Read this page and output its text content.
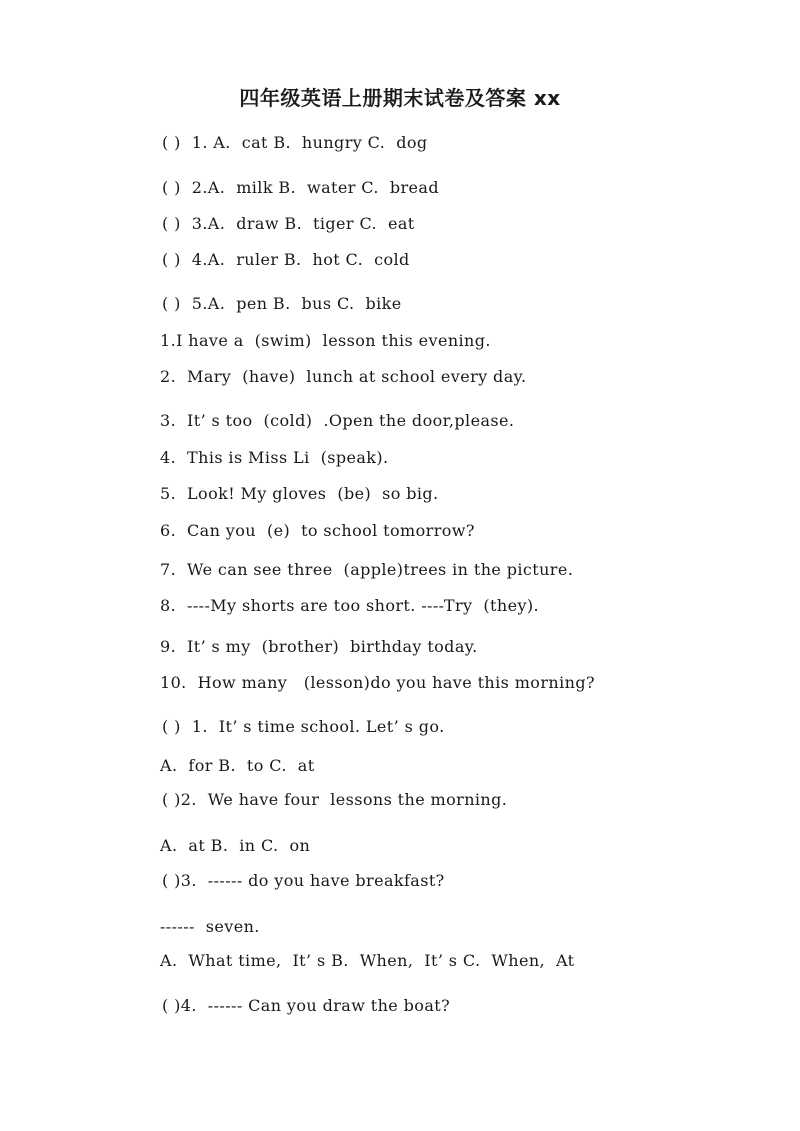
四年级英语上册期末试卷及答案 xx
( )  1. A.  cat B.  hungry C.  dog
( )  2.A.  milk B.  water C.  bread
( )  3.A.  draw B.  tiger C.  eat
( )  4.A.  ruler B.  hot C.  cold
( )  5.A.  pen B.  bus C.  bike
1.I have a  (swim)  lesson this evening.
2.  Mary  (have)  lunch at school every day.
3.  It’ s too  (cold)  .Open the door,please.
4.  This is Miss Li  (speak).
5.  Look! My gloves  (be)  so big.
6.  Can you  (e)  to school tomorrow?
7.  We can see three  (apple)trees in the picture.
8.  ----My shorts are too short. ----Try  (they).
9.  It’ s my  (brother)  birthday today.
10.  How many   (lesson)do you have this morning?
( )  1.  It’ s time school. Let’ s go.
A.  for B.  to C.  at
( )2.  We have four  lessons the morning.
A.  at B.  in C.  on
( )3.  ------ do you have breakfast?
------  seven.
A.  What time,  It’ s B.  When,  It’ s C.  When,  At
( )4.  ------ Can you draw the boat?
